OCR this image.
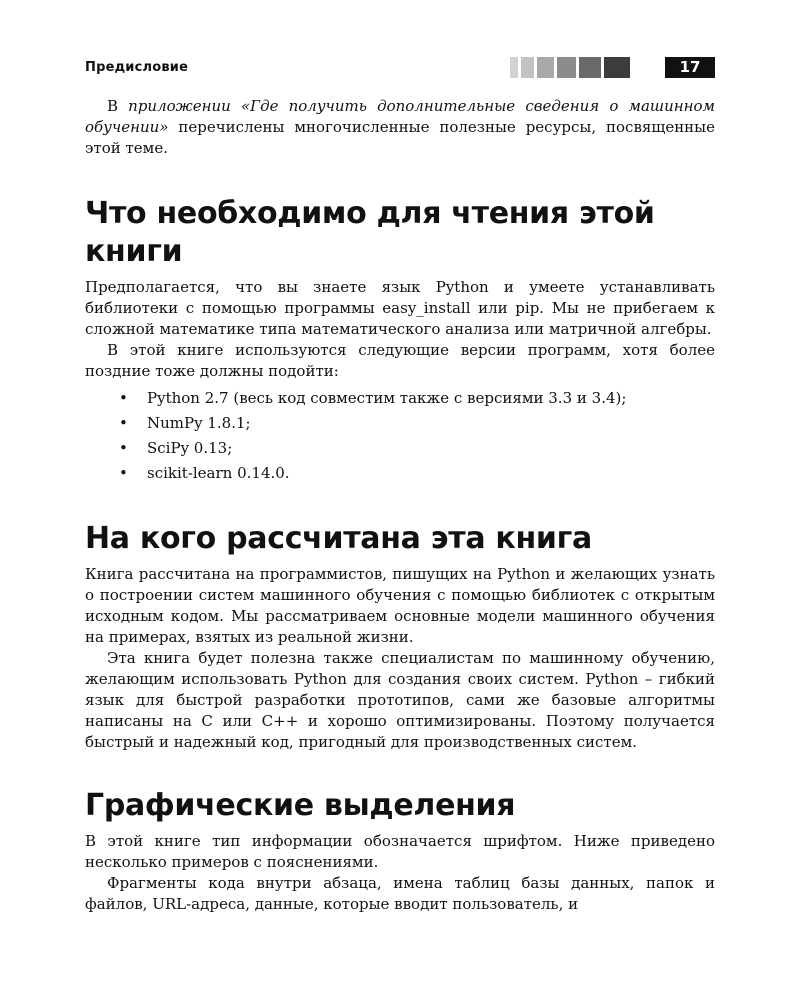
Предисловие	17

В приложении «Где получить дополнительные сведения о машинном обучении» перечислены многочисленные полезные ресурсы, посвященные этой теме.

Что необходимо для чтения этой книги

Предполагается, что вы знаете язык Python и умеете устанавливать библиотеки с помощью программы easy_install или pip. Мы не прибегаем к сложной математике типа математического анализа или матричной алгебры.

В этой книге используются следующие версии программ, хотя более поздние тоже должны подойти:

• Python 2.7 (весь код совместим также с версиями 3.3 и 3.4);
• NumPy 1.8.1;
• SciPy 0.13;
• scikit-learn 0.14.0.
На кого рассчитана эта книга

Книга рассчитана на программистов, пишущих на Python и желающих узнать о построении систем машинного обучения с помощью библиотек с открытым исходным кодом. Мы рассматриваем основные модели машинного обучения на примерах, взятых из реальной жизни.

Эта книга будет полезна также специалистам по машинному обучению, желающим использовать Python для создания своих систем. Python – гибкий язык для быстрой разработки прототипов, сами же базовые алгоритмы написаны на C или C++ и хорошо оптимизированы. Поэтому получается быстрый и надежный код, пригодный для производственных систем.

Графические выделения

В этой книге тип информации обозначается шрифтом. Ниже приведено несколько примеров с пояснениями.

Фрагменты кода внутри абзаца, имена таблиц базы данных, папок и файлов, URL-адреса, данные, которые вводит пользователь, и
